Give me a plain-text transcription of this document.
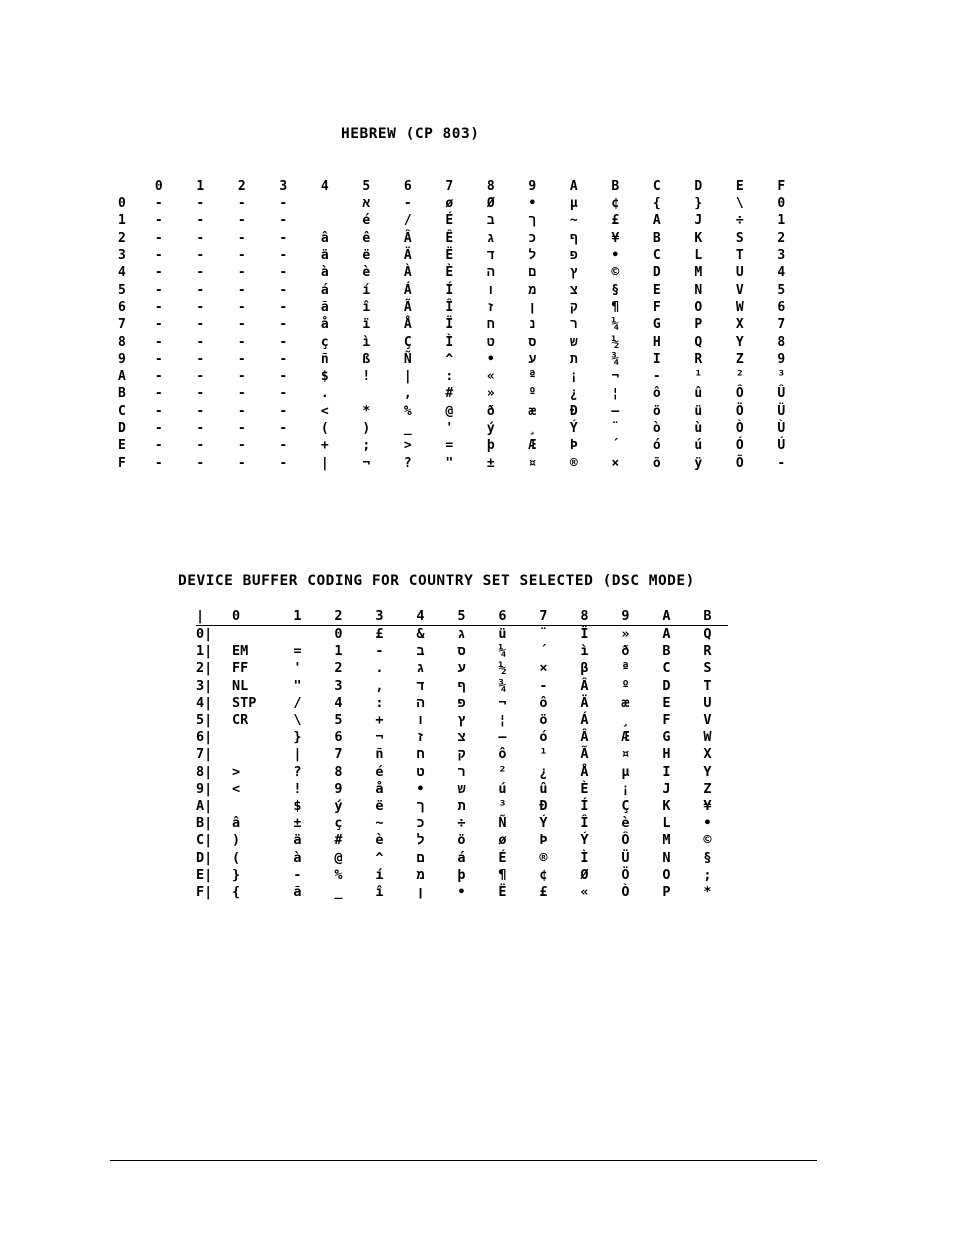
HEBREW (CP 803)
	0	1	2	3	4	5	6	7	8	9	A	B	C	D	E	F
0	-	-	-	-		א	-	ø	Ø	•	µ	¢	{	}	\	0
1	-	-	-	-		é	/	É	ב	ך	~	£	A	J	÷	1
2	-	-	-	-	â	ê	Â	Ê	ג	כ	ף	¥	B	K	S	2
3	-	-	-	-	ä	ë	Ä	Ë	ד	ל	פ	•	C	L	T	3
4	-	-	-	-	à	è	À	È	ה	ם	ץ	©	D	M	U	4
5	-	-	-	-	á	í	Á	Í	ו	מ	צ	§	E	N	V	5
6	-	-	-	-	ã	î	Ã	Î	ז	ן	ק	¶	F	O	W	6
7	-	-	-	-	å	ï	Å	Ï	ח	נ	ר	¼	G	P	X	7
8	-	-	-	-	ç	ì	Ç	Ì	ט	ס	ש	½	H	Q	Y	8
9	-	-	-	-	ñ	ß	Ñ	^	•	ע	ת	¾	I	R	Z	9
A	-	-	-	-	$	!	|	:	«	ª	¡	¬	-	¹	²	³
B	-	-	-	-	.		‚	#	»	º	¿	¦	ô	û	Ô	Û
C	-	-	-	-	<	*	%	@	ð	æ	Ð	—	ö	ü	Ö	Ü
D	-	-	-	-	(	)	_	'	ý	¸	Ý	¨	ò	ù	Ò	Ù
E	-	-	-	-	+	;	>	=	þ	Æ	Þ	´	ó	ú	Ó	Ú
F	-	-	-	-	|	¬	?	"	±	¤	®	×	õ	ÿ	Õ	-
DEVICE BUFFER CODING FOR COUNTRY SET SELECTED (DSC MODE)
|	0	1	2	3	4	5	6	7	8	9	A	B
0|			0	£	&	ג	ü	¨	Ï	»	A	Q
1|	EM	=	1	-	ב	ס	¼	´	ì	ð	B	R
2|	FF	'	2	.	ג	ע	½	×	β	ª	C	S
3|	NL	"	3	,	ד	ף	¾	-	Â	º	D	T
4|	STP	/	4	:	ה	פ	¬	ô	Ä	æ	E	U
5|	CR	\	5	+	ו	ץ	¦	ö	Á	¸	F	V
6|		}	6	¬	ז	צ	—	ó	Â	Æ	G	W
7|		|	7	ñ	ח	ק	ô	¹	Ã	¤	H	X
8|	>	?	8	é	ט	ר	²	¿	Å	µ	I	Y
9|	<	!	9	å	•	ש	ú	û	È	¡	J	Z
A|		$	ý	ë	ך	ת	³	Ð	Í	Ç	K	¥
B|	â	±	ç	~	כ	÷	Ñ	Ý	Î	è	L	•
C|	)	ä	#	è	ל	ö	ø	Þ	Ý	Ô	M	©
D|	(	à	@	^	ם	á	É	®	Ì	Ü	N	§
E|	}	-	%	í	מ	þ	¶	¢	Ø	Ö	O	;
F|	{	ã	_	î	ן	•	Ë	£	«	Ò	P	*
